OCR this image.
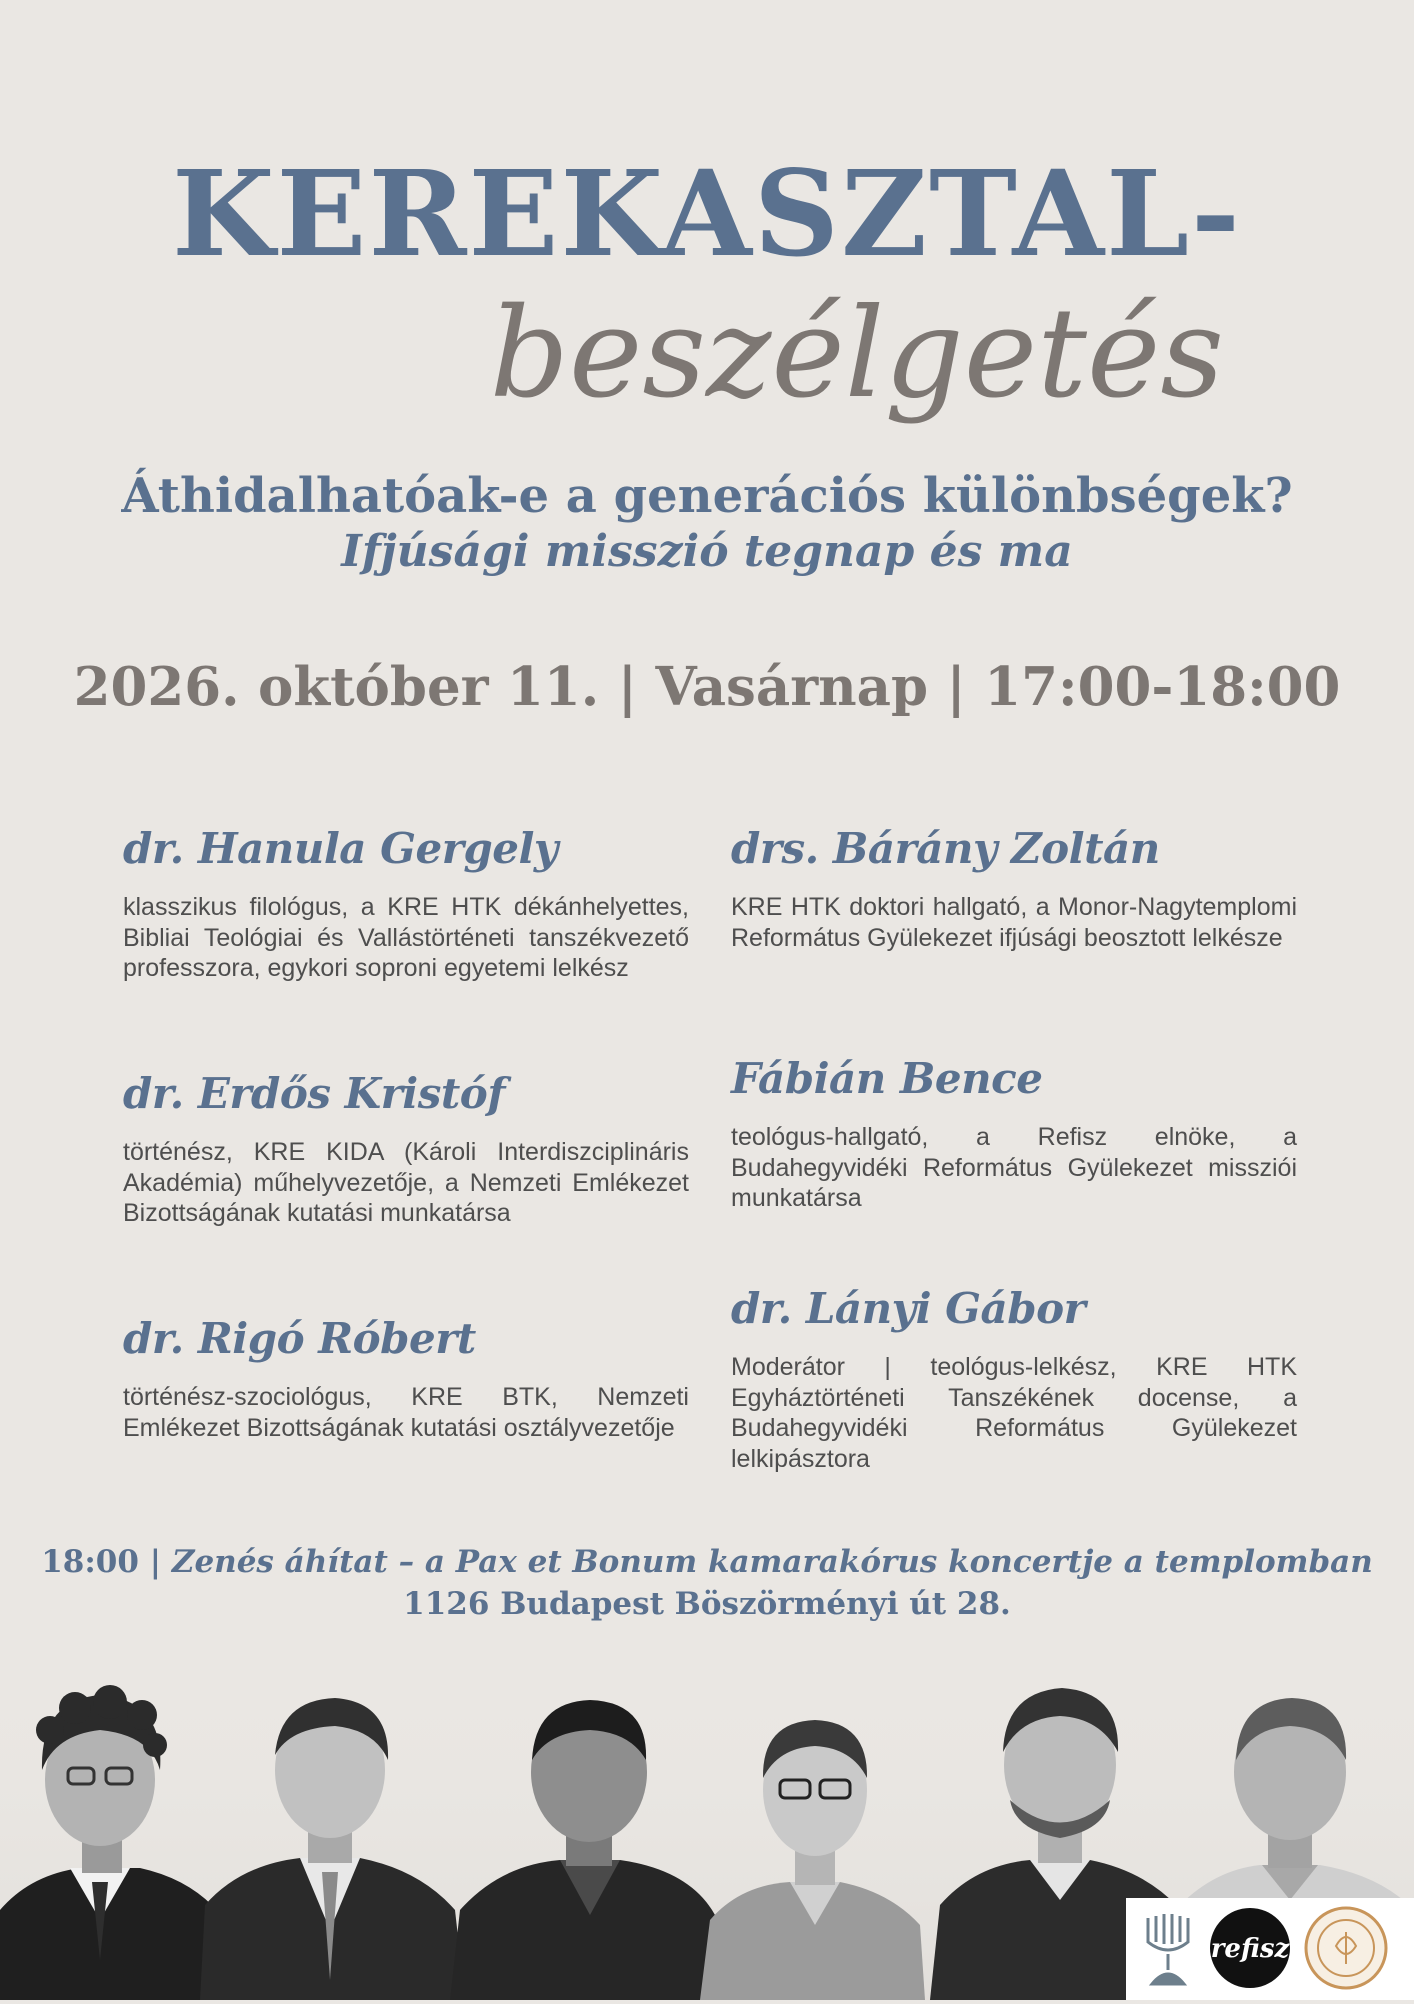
KEREKASZTAL-
beszélgetés
Áthidalhatóak-e a generációs különbségek?
Ifjúsági misszió tegnap és ma
2026. október 11. | Vasárnap | 17:00-18:00
dr. Hanula Gergely
klasszikus filológus, a KRE HTK dékánhelyettes, Bibliai Teológiai és Vallástörténeti tanszékvezető professzora, egykori soproni egyetemi lelkész
dr. Erdős Kristóf
történész, KRE KIDA (Károli Interdiszciplináris Akadémia) műhelyvezetője, a Nemzeti Emlékezet Bizottságának kutatási munkatársa
dr. Rigó Róbert
történész-szociológus, KRE BTK, Nemzeti Emlékezet Bizottságának kutatási osztályvezetője
drs. Bárány Zoltán
KRE HTK doktori hallgató, a Monor-Nagytemplomi Református Gyülekezet ifjúsági beosztott lelkésze
Fábián Bence
teológus-hallgató, a Refisz elnöke, a Budahegyvidéki Református Gyülekezet missziói munkatársa
dr. Lányi Gábor
Moderátor | teológus-lelkész, KRE HTK Egyháztörténeti Tanszékének docense, a Budahegyvidéki Református Gyülekezet lelkipásztora
18:00 | Zenés áhítat – a Pax et Bonum kamarakórus koncertje a templomban
1126 Budapest Böszörményi út 28.
refisz
